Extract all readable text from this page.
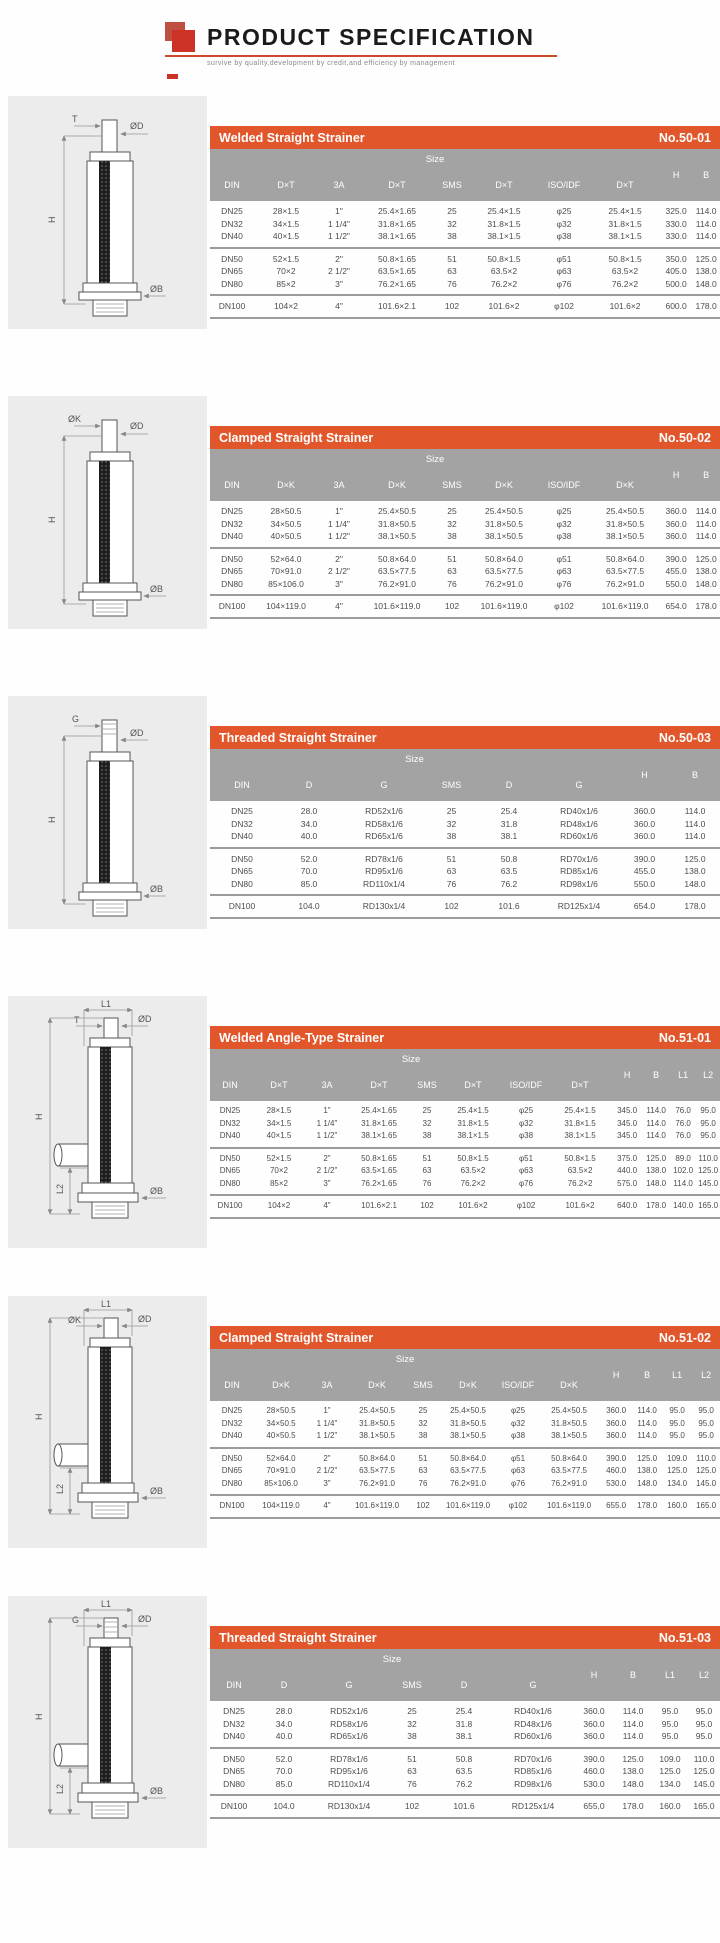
PRODUCT SPECIFICATION
survive by quality,development by credit,and efficiency by management
H
T
ØD
ØB
Welded Straight Strainer	No.50-01
Size								H	B
DIN	D×T	3A	D×T	SMS	D×T	ISO/IDF	D×T		
DN25	28×1.5	1"	25.4×1.65	25	25.4×1.5	φ25	25.4×1.5	325.0	114.0
DN32	34×1.5	1 1/4"	31.8×1.65	32	31.8×1.5	φ32	31.8×1.5	330.0	114.0
DN40	40×1.5	1 1/2"	38.1×1.65	38	38.1×1.5	φ38	38.1×1.5	330.0	114.0
DN50	52×1.5	2"	50.8×1.65	51	50.8×1.5	φ51	50.8×1.5	350.0	125.0
DN65	70×2	2 1/2"	63.5×1.65	63	63.5×2	φ63	63.5×2	405.0	138.0
DN80	85×2	3"	76.2×1.65	76	76.2×2	φ76	76.2×2	500.0	148.0
DN100	104×2	4"	101.6×2.1	102	101.6×2	φ102	101.6×2	600.0	178.0
H
ØK
ØD
ØB
Clamped Straight Strainer	No.50-02
Size								H	B
DIN	D×K	3A	D×K	SMS	D×K	ISO/IDF	D×K		
DN25	28×50.5	1"	25.4×50.5	25	25.4×50.5	φ25	25.4×50.5	360.0	114.0
DN32	34×50.5	1 1/4"	31.8×50.5	32	31.8×50.5	φ32	31.8×50.5	360.0	114.0
DN40	40×50.5	1 1/2"	38.1×50.5	38	38.1×50.5	φ38	38.1×50.5	360.0	114.0
DN50	52×64.0	2"	50.8×64.0	51	50.8×64.0	φ51	50.8×64.0	390.0	125.0
DN65	70×91.0	2 1/2"	63.5×77.5	63	63.5×77.5	φ63	63.5×77.5	455.0	138.0
DN80	85×106.0	3"	76.2×91.0	76	76.2×91.0	φ76	76.2×91.0	550.0	148.0
DN100	104×119.0	4"	101.6×119.0	102	101.6×119.0	φ102	101.6×119.0	654.0	178.0
H
G
ØD
ØB
Threaded Straight Strainer	No.50-03
Size						H	B
DIN	D	G	SMS	D	G		
DN25	28.0	RD52x1/6	25	25.4	RD40x1/6	360.0	114.0
DN32	34.0	RD58x1/6	32	31.8	RD48x1/6	360.0	114.0
DN40	40.0	RD65x1/6	38	38.1	RD60x1/6	360.0	114.0
DN50	52.0	RD78x1/6	51	50.8	RD70x1/6	390.0	125.0
DN65	70.0	RD95x1/6	63	63.5	RD85x1/6	455.0	138.0
DN80	85.0	RD110x1/4	76	76.2	RD98x1/6	550.0	148.0
DN100	104.0	RD130x1/4	102	101.6	RD125x1/4	654.0	178.0
L1
T	ØD
H
L2	ØB
Welded Angle-Type Strainer	No.51-01
Size								H	B	L1	L2
DIN	D×T	3A	D×T	SMS	D×T	ISO/IDF	D×T				
DN25	28×1.5	1"	25.4×1.65	25	25.4×1.5	φ25	25.4×1.5	345.0	114.0	76.0	95.0
DN32	34×1.5	1 1/4"	31.8×1.65	32	31.8×1.5	φ32	31.8×1.5	345.0	114.0	76.0	95.0
DN40	40×1.5	1 1/2"	38.1×1.65	38	38.1×1.5	φ38	38.1×1.5	345.0	114.0	76.0	95.0
DN50	52×1.5	2"	50.8×1.65	51	50.8×1.5	φ51	50.8×1.5	375.0	125.0	89.0	110.0
DN65	70×2	2 1/2"	63.5×1.65	63	63.5×2	φ63	63.5×2	440.0	138.0	102.0	125.0
DN80	85×2	3"	76.2×1.65	76	76.2×2	φ76	76.2×2	575.0	148.0	114.0	145.0
DN100	104×2	4"	101.6×2.1	102	101.6×2	φ102	101.6×2	640.0	178.0	140.0	165.0
L1
ØK	ØD
H
L2	ØB
Clamped Straight Strainer	No.51-02
Size								H	B	L1	L2
DIN	D×K	3A	D×K	SMS	D×K	ISO/IDF	D×K				
DN25	28×50.5	1"	25.4×50.5	25	25.4×50.5	φ25	25.4×50.5	360.0	114.0	95.0	95.0
DN32	34×50.5	1 1/4"	31.8×50.5	32	31.8×50.5	φ32	31.8×50.5	360.0	114.0	95.0	95.0
DN40	40×50.5	1 1/2"	38.1×50.5	38	38.1×50.5	φ38	38.1×50.5	360.0	114.0	95.0	95.0
DN50	52×64.0	2"	50.8×64.0	51	50.8×64.0	φ51	50.8×64.0	390.0	125.0	109.0	110.0
DN65	70×91.0	2 1/2"	63.5×77.5	63	63.5×77.5	φ63	63.5×77.5	460.0	138.0	125.0	125.0
DN80	85×106.0	3"	76.2×91.0	76	76.2×91.0	φ76	76.2×91.0	530.0	148.0	134.0	145.0
DN100	104×119.0	4"	101.6×119.0	102	101.6×119.0	φ102	101.6×119.0	655.0	178.0	160.0	165.0
L1
G	ØD
H
L2	ØB
Threaded Straight Strainer	No.51-03
Size						H	B	L1	L2
DIN	D	G	SMS	D	G				
DN25	28.0	RD52x1/6	25	25.4	RD40x1/6	360.0	114.0	95.0	95.0
DN32	34.0	RD58x1/6	32	31.8	RD48x1/6	360.0	114.0	95.0	95.0
DN40	40.0	RD65x1/6	38	38.1	RD60x1/6	360.0	114.0	95.0	95.0
DN50	52.0	RD78x1/6	51	50.8	RD70x1/6	390.0	125.0	109.0	110.0
DN65	70.0	RD95x1/6	63	63.5	RD85x1/6	460.0	138.0	125.0	125.0
DN80	85.0	RD110x1/4	76	76.2	RD98x1/6	530.0	148.0	134.0	145.0
DN100	104.0	RD130x1/4	102	101.6	RD125x1/4	655.0	178.0	160.0	165.0
